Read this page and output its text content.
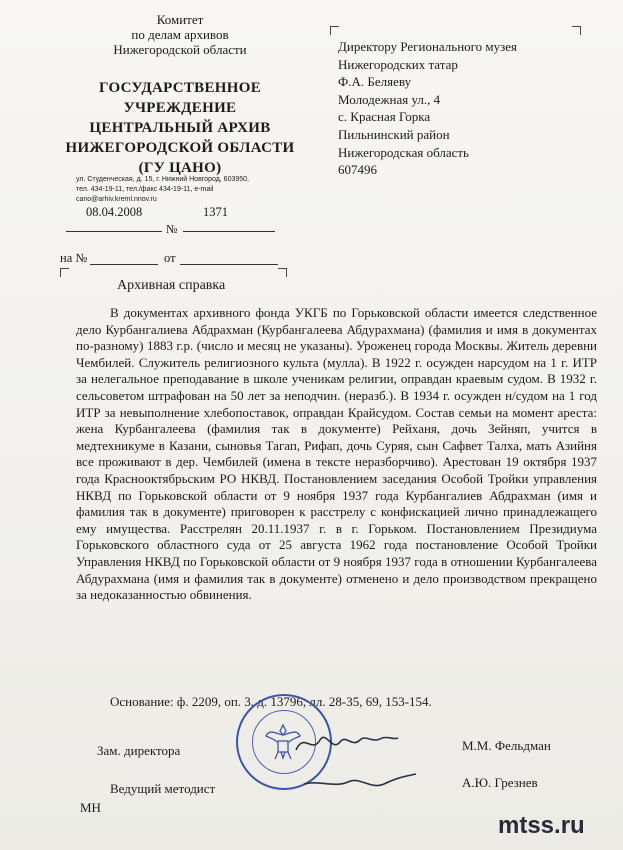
Комитет
по делам архивов
Нижегородской области
ГОСУДАРСТВЕННОЕ
УЧРЕЖДЕНИЕ
ЦЕНТРАЛЬНЫЙ АРХИВ
НИЖЕГОРОДСКОЙ ОБЛАСТИ
(ГУ ЦАНО)
ул. Студенческая, д. 15, г. Нижний Новгород, 603950,
тел. 434-19-11, тел./факс 434-19-11, e-mail
cano@arhiv.kreml.nnov.ru
08.04.2008	1371
№
на №	от
Директору Регионального музея
Нижегородских татар
Ф.А. Беляеву
Молодежная ул., 4
с. Красная Горка
Пильнинский район
Нижегородская область
607496
Архивная справка

В документах архивного фонда УКГБ по Горьковской области имеется следственное дело Курбангалиева Абдрахман (Курбангалеева Абдурахмана) (фамилия и имя в документах по-разному) 1883 г.р. (число и месяц не указаны). Уроженец города Москвы. Житель деревни Чембилей. Служитель религиозного культа (мулла). В 1922 г. осужден нарсудом на 1 г. ИТР за нелегальное преподавание в школе ученикам религии, оправдан краевым судом. В 1932 г. сельсоветом штрафован на 50 лет за неподчин. (неразб.). В 1934 г. осужден н/судом на 1 год ИТР за невыполнение хлебопоставок, оправдан Крайсудом. Состав семьи на момент ареста: жена Курбангалеева (фамилия так в документе) Рейханя, дочь Зейняп, учится в медтехникуме в Казани, сыновья Тагап, Рифап, дочь Суряя, сын Сафвет Талха, мать Азийня все проживают в дер. Чембилей (имена в тексте неразборчиво). Арестован 19 октября 1937 года Краснооктябрьским РО НКВД. Постановлением заседания Особой Тройки управления НКВД по Горьковской области от 9 ноября 1937 года Курбангалиев Абдрахман (имя и фамилия так в документе) приговорен к расстрелу с конфискацией лично принадлежащего ему имущества. Расстрелян 20.11.1937 г. в г. Горьком. Постановлением Президиума Горьковского областного суда от 25 августа 1962 года постановление Особой Тройки Управления НКВД по Горьковской области от 9 ноября 1937 года в отношении Курбангалеева Абдурахмана (имя и фамилия так в документе) отменено и дело производством прекращено за недоказанностью обвинения.

Основание: ф. 2209, оп. 3, д. 13796, лл. 28-35, 69, 153-154.
Зам. директора	М.М. Фельдман
Ведущий методист	А.Ю. Грезнев
МН
mtss.ru
